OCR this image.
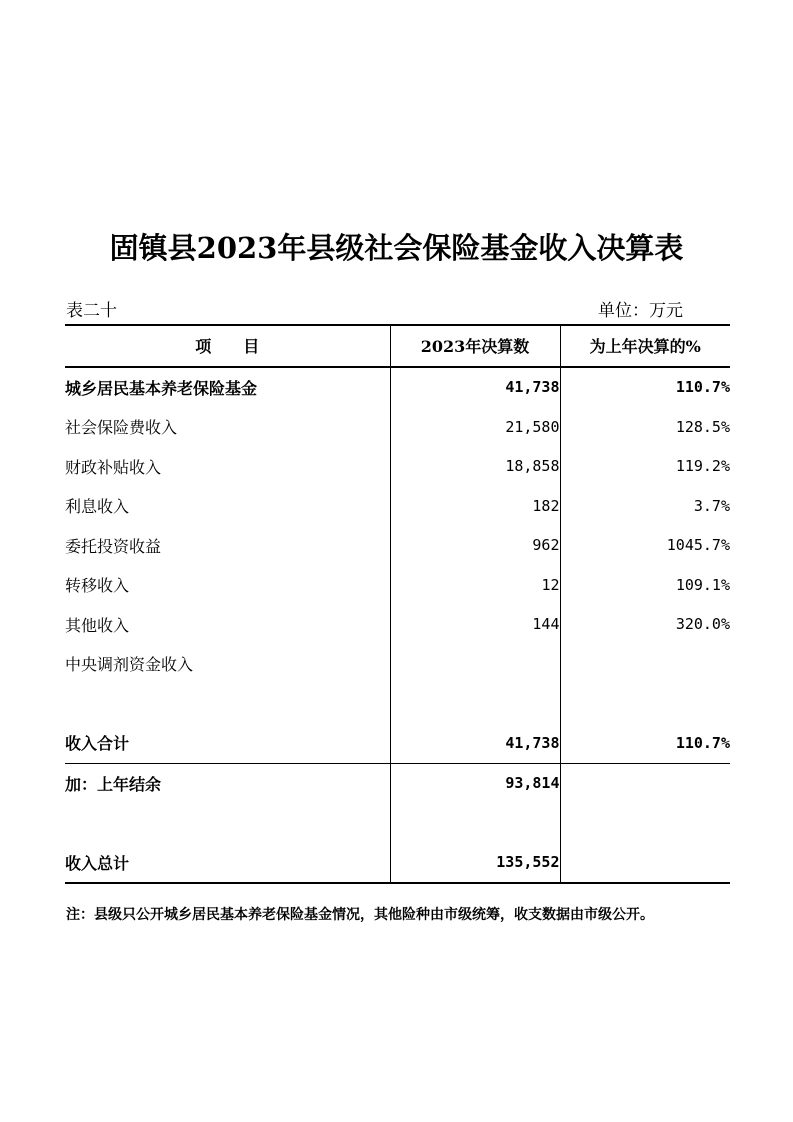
固镇县2023年县级社会保险基金收入决算表
表二十	单位：万元
项　　目	2023年决算数	为上年决算的%
城乡居民基本养老保险基金	41,738	110.7%
社会保险费收入	21,580	128.5%
财政补贴收入	18,858	119.2%
利息收入	182	3.7%
委托投资收益	962	1045.7%
转移收入	12	109.1%
其他收入	144	320.0%
中央调剂资金收入		

收入合计	41,738	110.7%
加：上年结余	93,814	

收入总计	135,552	
注：县级只公开城乡居民基本养老保险基金情况，其他险种由市级统筹，收支数据由市级公开。
